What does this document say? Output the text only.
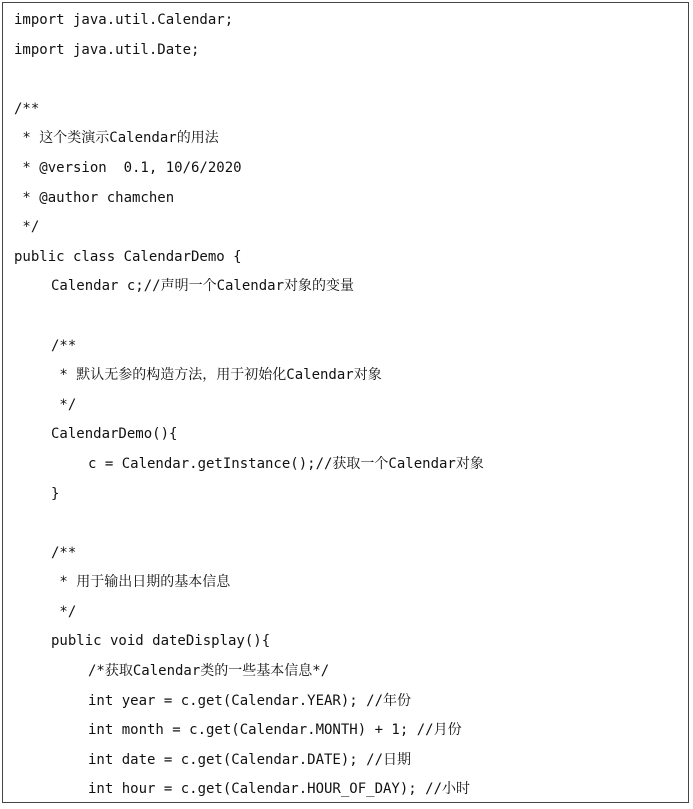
import java.util.Calendar;
import java.util.Date;
/**
* 这个类演示Calendar的用法
* @version  0.1, 10/6/2020
* @author chamchen
*/
public class CalendarDemo {
Calendar c;//声明一个Calendar对象的变量
/**
* 默认无参的构造方法，用于初始化Calendar对象
*/
CalendarDemo(){
c = Calendar.getInstance();//获取一个Calendar对象
}
/**
* 用于输出日期的基本信息
*/
public void dateDisplay(){
/*获取Calendar类的一些基本信息*/
int year = c.get(Calendar.YEAR); //年份
int month = c.get(Calendar.MONTH) + 1; //月份
int date = c.get(Calendar.DATE); //日期
int hour = c.get(Calendar.HOUR_OF_DAY); //小时
